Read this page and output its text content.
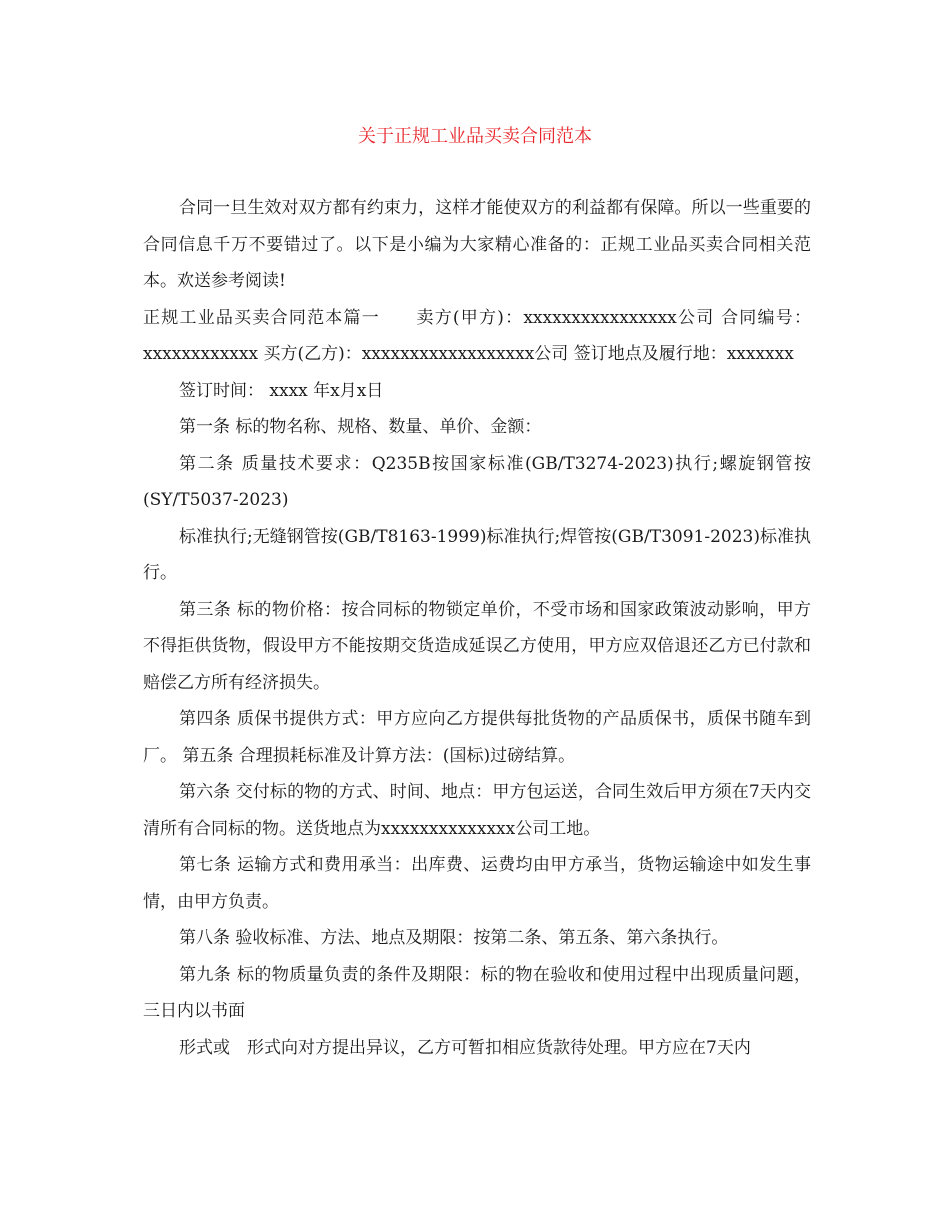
关于正规工业品买卖合同范本

合同一旦生效对双方都有约束力，这样才能使双方的利益都有保障。所以一些重要的合同信息千万不要错过了。以下是小编为大家精心准备的：正规工业品买卖合同相关范本。欢送参考阅读!

正规工业品买卖合同范本篇一　　卖方(甲方)：xxxxxxxxxxxxxxxx公司 合同编号：xxxxxxxxxxxx 买方(乙方)：xxxxxxxxxxxxxxxxxx公司 签订地点及履行地：xxxxxxx

签订时间： xxxx 年x月x日

第一条 标的物名称、规格、数量、单价、金额：

第二条 质量技术要求：Q235B按国家标准(GB/T3274-2023)执行;螺旋钢管按(SY/T5037-2023)

标准执行;无缝钢管按(GB/T8163-1999)标准执行;焊管按(GB/T3091-2023)标准执行。

第三条 标的物价格：按合同标的物锁定单价，不受市场和国家政策波动影响，甲方不得拒供货物，假设甲方不能按期交货造成延误乙方使用，甲方应双倍退还乙方已付款和赔偿乙方所有经济损失。

第四条 质保书提供方式：甲方应向乙方提供每批货物的产品质保书，质保书随车到厂。 第五条 合理损耗标准及计算方法：(国标)过磅结算。

第六条 交付标的物的方式、时间、地点：甲方包运送，合同生效后甲方须在7天内交清所有合同标的物。送货地点为xxxxxxxxxxxxxx公司工地。

第七条 运输方式和费用承当：出库费、运费均由甲方承当，货物运输途中如发生事情，由甲方负责。

第八条 验收标准、方法、地点及期限：按第二条、第五条、第六条执行。

第九条 标的物质量负责的条件及期限：标的物在验收和使用过程中出现质量问题，三日内以书面

形式或　形式向对方提出异议，乙方可暂扣相应货款待处理。甲方应在7天内
